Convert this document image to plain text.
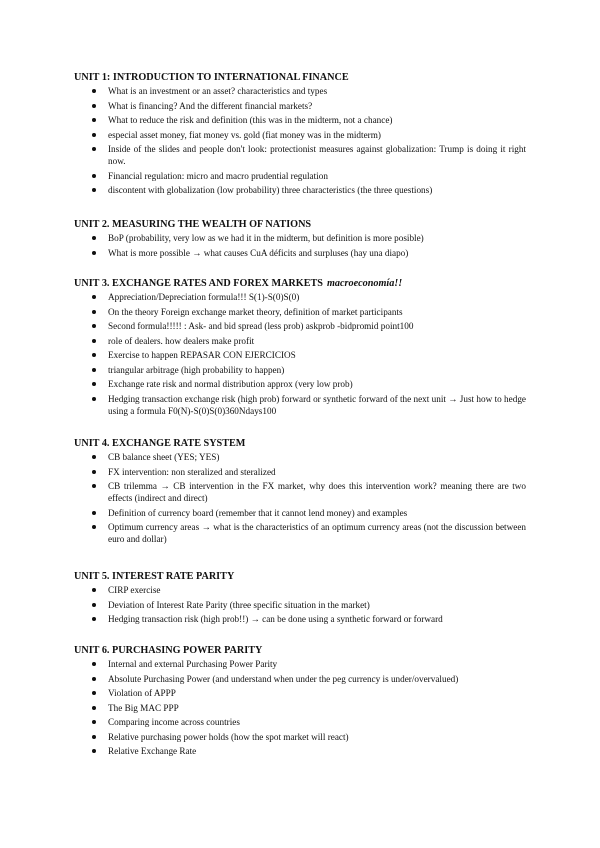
UNIT 1: INTRODUCTION TO INTERNATIONAL FINANCE
What is an investment or an asset? characteristics and types
What is financing? And the different financial markets?
What to reduce the risk and definition (this was in the midterm, not a chance)
especial asset money, fiat money vs. gold (fiat money was in the midterm)
Inside of the slides and people don't look: protectionist measures against globalization: Trump is doing it right now.
Financial regulation: micro and macro prudential regulation
discontent with globalization (low probability) three characteristics (the three questions)
UNIT 2. MEASURING THE WEALTH OF NATIONS
BoP (probability, very low as we had it in the midterm, but definition is more posible)
What is more possible → what causes CuA déficits and surpluses (hay una diapo)
UNIT 3. EXCHANGE RATES AND FOREX MARKETS macroeconomía!!
Appreciation/Depreciation formula!!! S(1)-S(0)S(0)
On the theory Foreign exchange market theory, definition of market participants
Second formula!!!!! : Ask- and bid spread (less prob) askprob -bidpromid point100
role of dealers. how dealers make profit
Exercise to happen REPASAR CON EJERCICIOS
triangular arbitrage (high probability to happen)
Exchange rate risk and normal distribution approx (very low prob)
Hedging transaction exchange risk (high prob) forward or synthetic forward of the next unit → Just how to hedge using a formula F0(N)-S(0)S(0)360Ndays100
UNIT 4. EXCHANGE RATE SYSTEM
CB balance sheet (YES; YES)
FX intervention: non steralized and steralized
CB trilemma → CB intervention in the FX market, why does this intervention work? meaning there are two effects (indirect and direct)
Definition of currency board (remember that it cannot lend money) and examples
Optimum currency areas → what is the characteristics of an optimum currency areas (not the discussion between euro and dollar)
UNIT 5. INTEREST RATE PARITY
CIRP exercise
Deviation of Interest Rate Parity (three specific situation in the market)
Hedging transaction risk (high prob!!) → can be done using a synthetic forward or forward
UNIT 6. PURCHASING POWER PARITY
Internal and external Purchasing Power Parity
Absolute Purchasing Power (and understand when under the peg currency is under/overvalued)
Violation of APPP
The Big MAC PPP
Comparing income across countries
Relative purchasing power holds (how the spot market will react)
Relative Exchange Rate
